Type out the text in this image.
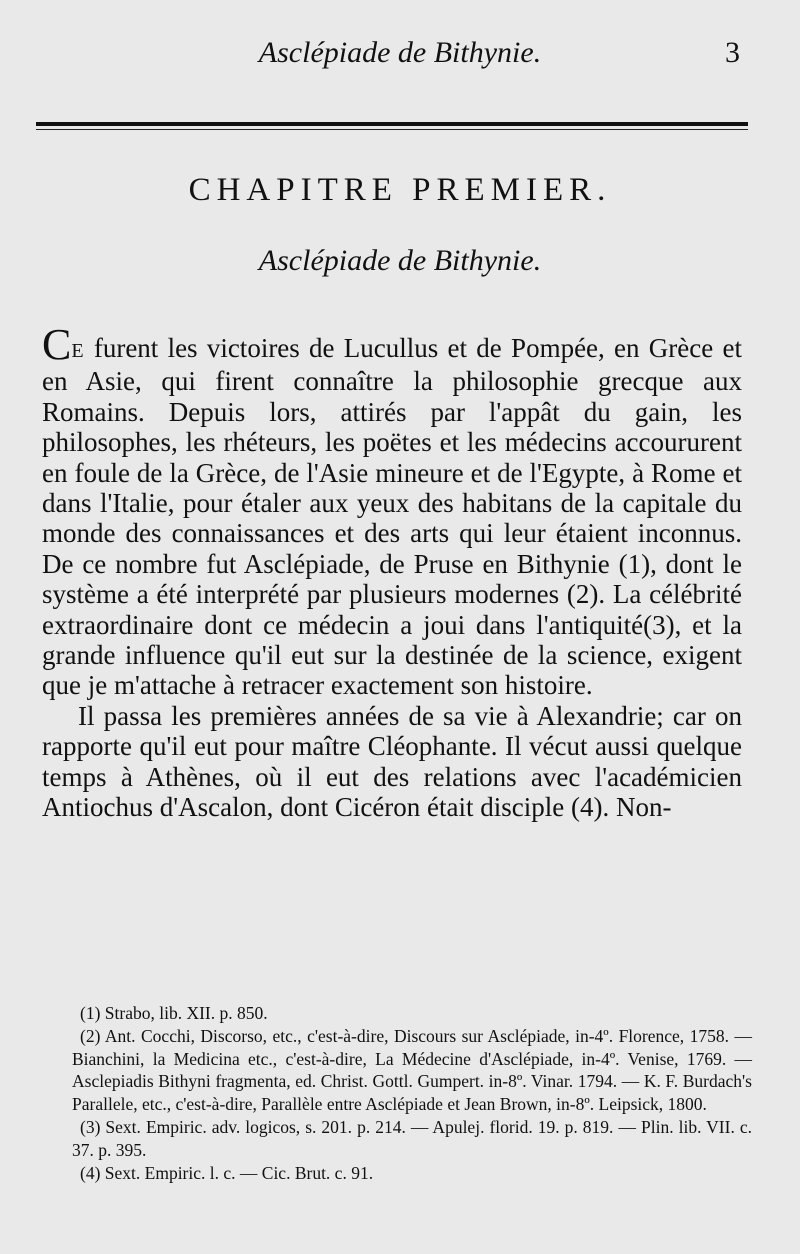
Asclépiade de Bithynie.	3
CHAPITRE PREMIER.
Asclépiade de Bithynie.

CE furent les victoires de Lucullus et de Pompée, en Grèce et en Asie, qui firent connaître la philosophie grecque aux Romains. Depuis lors, attirés par l'appât du gain, les philosophes, les rhéteurs, les poëtes et les médecins accoururent en foule de la Grèce, de l'Asie mineure et de l'Egypte, à Rome et dans l'Italie, pour étaler aux yeux des habitans de la capitale du monde des connaissances et des arts qui leur étaient inconnus. De ce nombre fut Asclépiade, de Pruse en Bithynie (1), dont le système a été interprété par plusieurs modernes (2). La célébrité extraordinaire dont ce médecin a joui dans l'antiquité(3), et la grande influence qu'il eut sur la destinée de la science, exigent que je m'attache à retracer exactement son histoire.

Il passa les premières années de sa vie à Alexandrie; car on rapporte qu'il eut pour maître Cléophante. Il vécut aussi quelque temps à Athènes, où il eut des relations avec l'académicien Antiochus d'Ascalon, dont Cicéron était disciple (4). Non-

(1) Strabo, lib. XII. p. 850.

(2) Ant. Cocchi, Discorso, etc., c'est-à-dire, Discours sur Asclépiade, in-4º. Florence, 1758. — Bianchini, la Medicina etc., c'est-à-dire, La Médecine d'Asclépiade, in-4º. Venise, 1769. — Asclepiadis Bithyni fragmenta, ed. Christ. Gottl. Gumpert. in-8º. Vinar. 1794. — K. F. Burdach's Parallele, etc., c'est-à-dire, Parallèle entre Asclépiade et Jean Brown, in-8º. Leipsick, 1800.

(3) Sext. Empiric. adv. logicos, s. 201. p. 214. — Apulej. florid. 19. p. 819. — Plin. lib. VII. c. 37. p. 395.

(4) Sext. Empiric. l. c. — Cic. Brut. c. 91.
